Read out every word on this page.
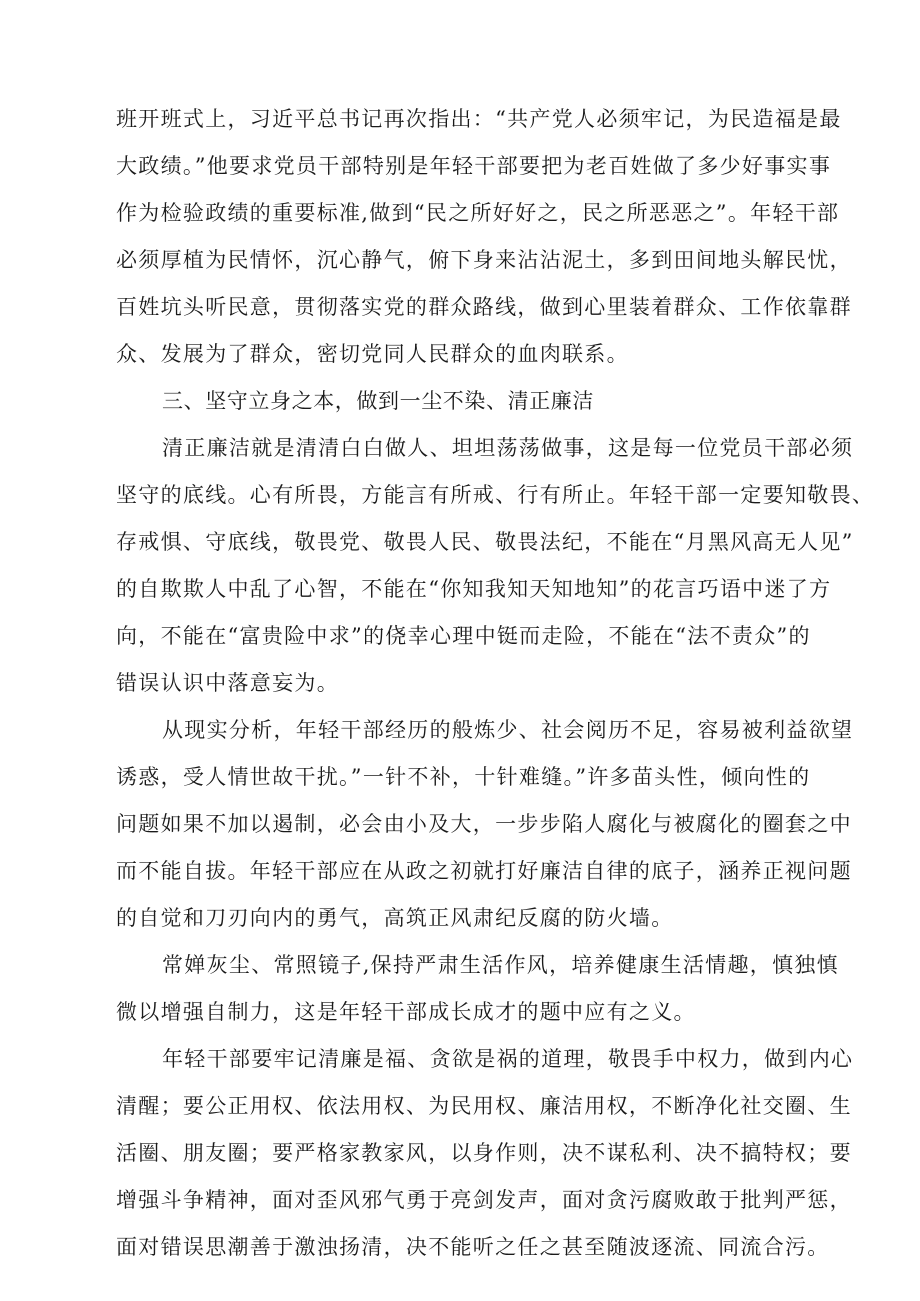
班开班式上，习近平总书记再次指出：“共产党人必须牢记，为民造福是最
大政绩。”他要求党员干部特别是年轻干部要把为老百姓做了多少好事实事
作为检验政绩的重要标准,做到“民之所好好之，民之所恶恶之”。年轻干部
必须厚植为民情怀，沉心静气，俯下身来沾沾泥土，多到田间地头解民忧，
百姓坑头听民意，贯彻落实党的群众路线，做到心里装着群众、工作依靠群
众、发展为了群众，密切党同人民群众的血肉联系。
三、坚守立身之本，做到一尘不染、清正廉洁
清正廉洁就是清清白白做人、坦坦荡荡做事，这是每一位党员干部必须
坚守的底线。心有所畏，方能言有所戒、行有所止。年轻干部一定要知敬畏、
存戒惧、守底线，敬畏党、敬畏人民、敬畏法纪，不能在“月黑风高无人见”
的自欺欺人中乱了心智，不能在“你知我知天知地知”的花言巧语中迷了方
向，不能在“富贵险中求”的侥幸心理中铤而走险，不能在“法不责众”的
错误认识中落意妄为。
从现实分析，年轻干部经历的般炼少、社会阅历不足，容易被利益欲望
诱惑，受人情世故干扰。”一针不补，十针难缝。”许多苗头性，倾向性的
问题如果不加以遏制，必会由小及大，一步步陷人腐化与被腐化的圈套之中
而不能自拔。年轻干部应在从政之初就打好廉洁自律的底子，涵养正视问题
的自觉和刀刃向内的勇气，高筑正风肃纪反腐的防火墙。
常婵灰尘、常照镜子,保持严肃生活作风，培养健康生活情趣，慎独慎
微以增强自制力，这是年轻干部成长成才的题中应有之义。
年轻干部要牢记清廉是福、贪欲是祸的道理，敬畏手中权力，做到内心
清醒；要公正用权、依法用权、为民用权、廉洁用权，不断净化社交圈、生
活圈、朋友圈；要严格家教家风，以身作则，决不谋私利、决不搞特权；要
增强斗争精神，面对歪风邪气勇于亮剑发声，面对贪污腐败敢于批判严惩，
面对错误思潮善于激浊扬清，决不能听之任之甚至随波逐流、同流合污。
